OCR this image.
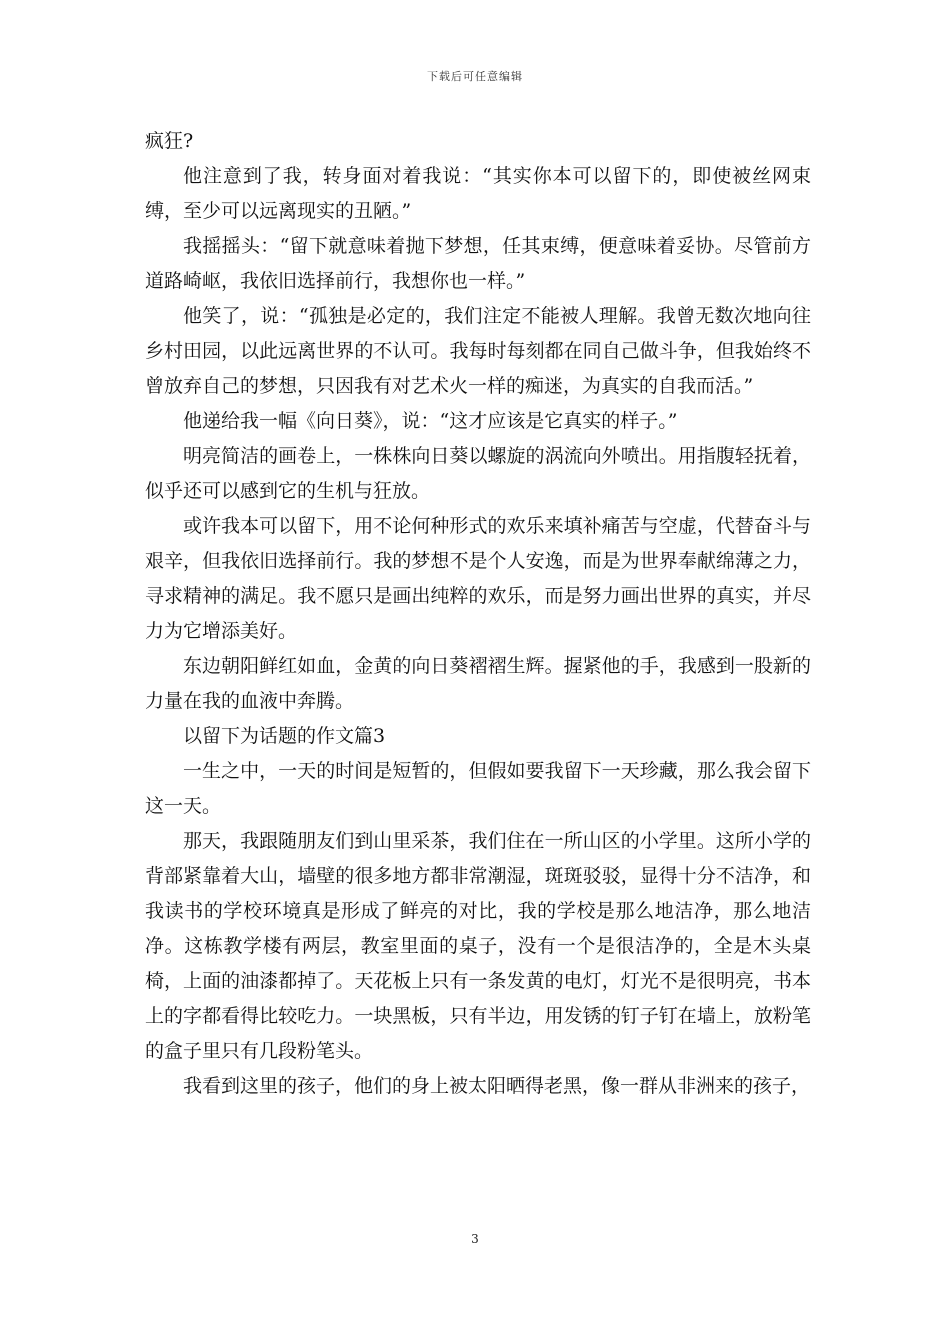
下载后可任意编辑

疯狂?

他注意到了我，转身面对着我说：“其实你本可以留下的，即使被丝网束缚，至少可以远离现实的丑陋。”

我摇摇头：“留下就意味着抛下梦想，任其束缚，便意味着妥协。尽管前方道路崎岖，我依旧选择前行，我想你也一样。”

他笑了，说：“孤独是必定的，我们注定不能被人理解。我曾无数次地向往乡村田园，以此远离世界的不认可。我每时每刻都在同自己做斗争，但我始终不曾放弃自己的梦想，只因我有对艺术火一样的痴迷，为真实的自我而活。”

他递给我一幅《向日葵》，说：“这才应该是它真实的样子。”

明亮简洁的画卷上，一株株向日葵以螺旋的涡流向外喷出。用指腹轻抚着，似乎还可以感到它的生机与狂放。

或许我本可以留下，用不论何种形式的欢乐来填补痛苦与空虚，代替奋斗与艰辛，但我依旧选择前行。我的梦想不是个人安逸，而是为世界奉献绵薄之力，寻求精神的满足。我不愿只是画出纯粹的欢乐，而是努力画出世界的真实，并尽力为它增添美好。

东边朝阳鲜红如血，金黄的向日葵褶褶生辉。握紧他的手，我感到一股新的力量在我的血液中奔腾。

以留下为话题的作文篇3

一生之中，一天的时间是短暂的，但假如要我留下一天珍藏，那么我会留下这一天。

那天，我跟随朋友们到山里采茶，我们住在一所山区的小学里。这所小学的背部紧靠着大山，墙壁的很多地方都非常潮湿，斑斑驳驳，显得十分不洁净，和我读书的学校环境真是形成了鲜亮的对比，我的学校是那么地洁净，那么地洁净。这栋教学楼有两层，教室里面的桌子，没有一个是很洁净的，全是木头桌椅，上面的油漆都掉了。天花板上只有一条发黄的电灯，灯光不是很明亮，书本上的字都看得比较吃力。一块黑板，只有半边，用发锈的钉子钉在墙上，放粉笔的盒子里只有几段粉笔头。

我看到这里的孩子，他们的身上被太阳晒得老黑，像一群从非洲来的孩子，

3
